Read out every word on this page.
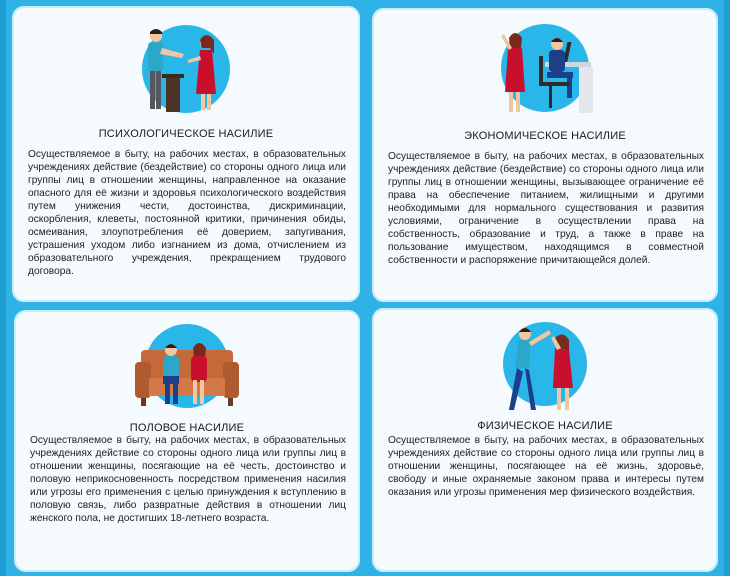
ПСИХОЛОГИЧЕСКОЕ НАСИЛИЕ
Осуществляемое в быту, на рабочих местах, в образовательных учреждениях действие (бездействие) со стороны одного лица или группы лиц в отношении женщины, направленное на оказание опасного для её жизни и здоровья психологического воздействия путем унижения чести, достоинства, дискриминации, оскорбления, клеветы, постоянной критики, причинения обиды, осмеивания, злоупотребления её доверием, запугивания, устрашения уходом либо изгнанием из дома, отчислением из образовательного учреждения, прекращением трудового договора.
ЭКОНОМИЧЕСКОЕ НАСИЛИЕ
Осуществляемое в быту, на рабочих местах, в образовательных учреждениях действие (бездействие) со стороны одного лица или группы лиц в отношении женщины, вызывающее ограничение её права на обеспечение питанием, жилищными и другими необходимыми для нормального существования и развития условиями, ограничение в осуществлении права на собственность, образование и труд, а также в праве на пользование имуществом, находящимся в совместной собственности и распоряжение причитающейся долей.
ПОЛОВОЕ НАСИЛИЕ
Осуществляемое в быту, на рабочих местах, в образовательных учреждениях действие со стороны одного лица или группы лиц в отношении женщины, посягающие на её честь, достоинство и половую неприкосновенность посредством применения насилия или угрозы его применения с целью принуждения к вступлению в половую связь, либо развратные действия в отношении лиц женского пола, не достигших 18-летнего возраста.
ФИЗИЧЕСКОЕ НАСИЛИЕ
Осуществляемое в быту, на рабочих местах, в образовательных учреждениях действие со стороны одного лица или группы лиц в отношении женщины, посягающее на её жизнь, здоровье, свободу и иные охраняемые законом права и интересы путем оказания или угрозы применения мер физического воздействия.
